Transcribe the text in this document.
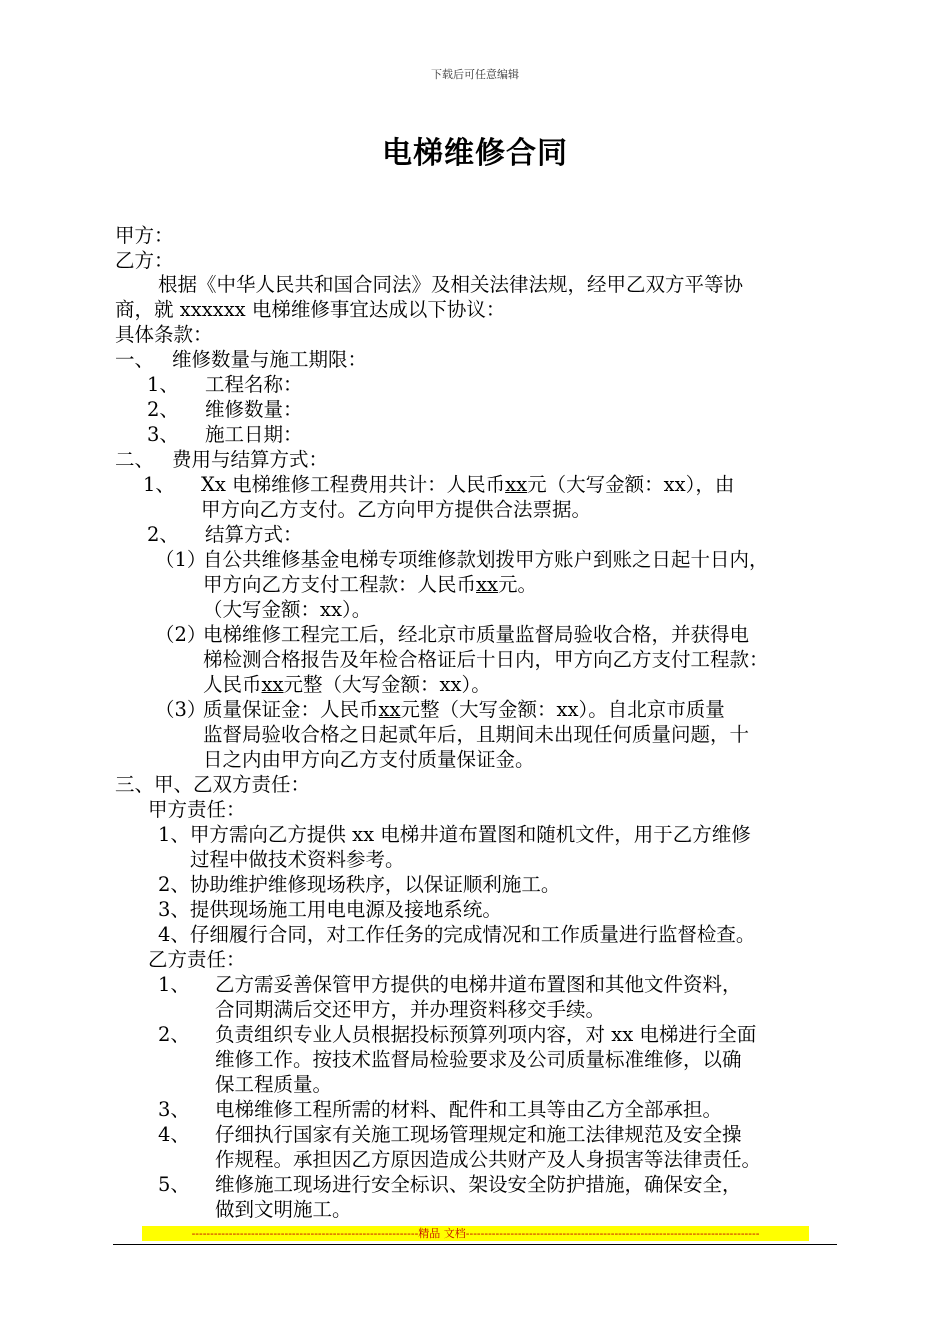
下载后可任意编辑
电梯维修合同
甲方：
乙方：
根据《中华人民共和国合同法》及相关法律法规，经甲乙双方平等协
商，就 xxxxxx 电梯维修事宜达成以下协议：
具体条款：
一、 维修数量与施工期限：
1、 工程名称：
2、 维修数量：
3、 施工日期：
二、 费用与结算方式：
1、 Xx 电梯维修工程费用共计：人民币xx元（大写金额：xx），由
甲方向乙方支付。乙方向甲方提供合法票据。
2、 结算方式：
（1）
自公共维修基金电梯专项维修款划拨甲方账户到账之日起十日内，
甲方向乙方支付工程款：人民币xx元。
（大写金额：xx）。
（2）
电梯维修工程完工后，经北京市质量监督局验收合格，并获得电
梯检测合格报告及年检合格证后十日内，甲方向乙方支付工程款：
人民币xx元整（大写金额：xx）。
（3）
质量保证金：人民币xx元整（大写金额：xx）。自北京市质量
监督局验收合格之日起贰年后，且期间未出现任何质量问题，十
日之内由甲方向乙方支付质量保证金。
三、甲、乙双方责任：
甲方责任：
1、甲方需向乙方提供 xx 电梯井道布置图和随机文件，用于乙方维修
过程中做技术资料参考。
2、协助维护维修现场秩序，以保证顺利施工。
3、提供现场施工用电电源及接地系统。
4、仔细履行合同，对工作任务的完成情况和工作质量进行监督检查。
乙方责任：
1、 乙方需妥善保管甲方提供的电梯井道布置图和其他文件资料，
合同期满后交还甲方，并办理资料移交手续。
2、 负责组织专业人员根据投标预算列项内容，对 xx 电梯进行全面
维修工作。按技术监督局检验要求及公司质量标准维修，以确
保工程质量。
3、 电梯维修工程所需的材料、配件和工具等由乙方全部承担。
4、 仔细执行国家有关施工现场管理规定和施工法律规范及安全操
作规程。承担因乙方原因造成公共财产及人身损害等法律责任。
5、 维修施工现场进行安全标识、架设安全防护措施，确保安全，
做到文明施工。
-------------------------------------------------------------精品 文档-------------------------------------------------------------------------------
